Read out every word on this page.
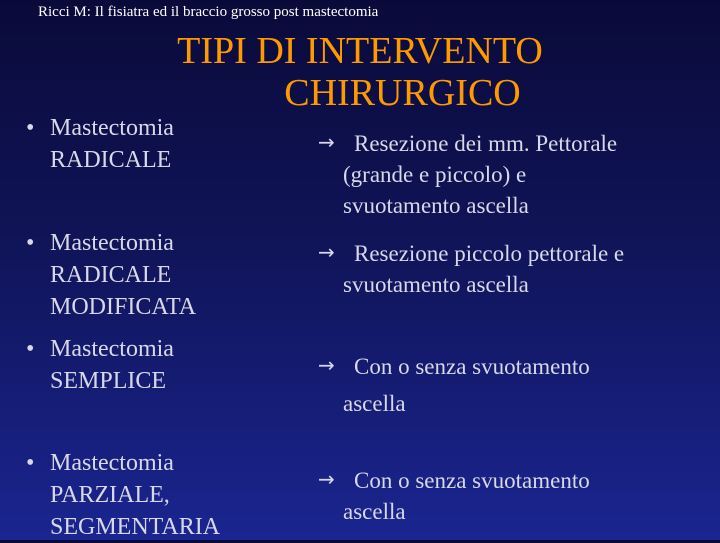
Ricci M: Il fisiatra ed il braccio grosso post mastectomia
TIPI DI INTERVENTO
CHIRURGICO
• Mastectomia
RADICALE
• Mastectomia
RADICALE
MODIFICATA
• Mastectomia
SEMPLICE
• Mastectomia
PARZIALE,
SEGMENTARIA
→ Resezione dei mm. Pettorale
(grande e piccolo) e
svuotamento ascella
→ Resezione piccolo pettorale e
svuotamento ascella
→ Con o senza svuotamento
ascella
→ Con o senza svuotamento
ascella
